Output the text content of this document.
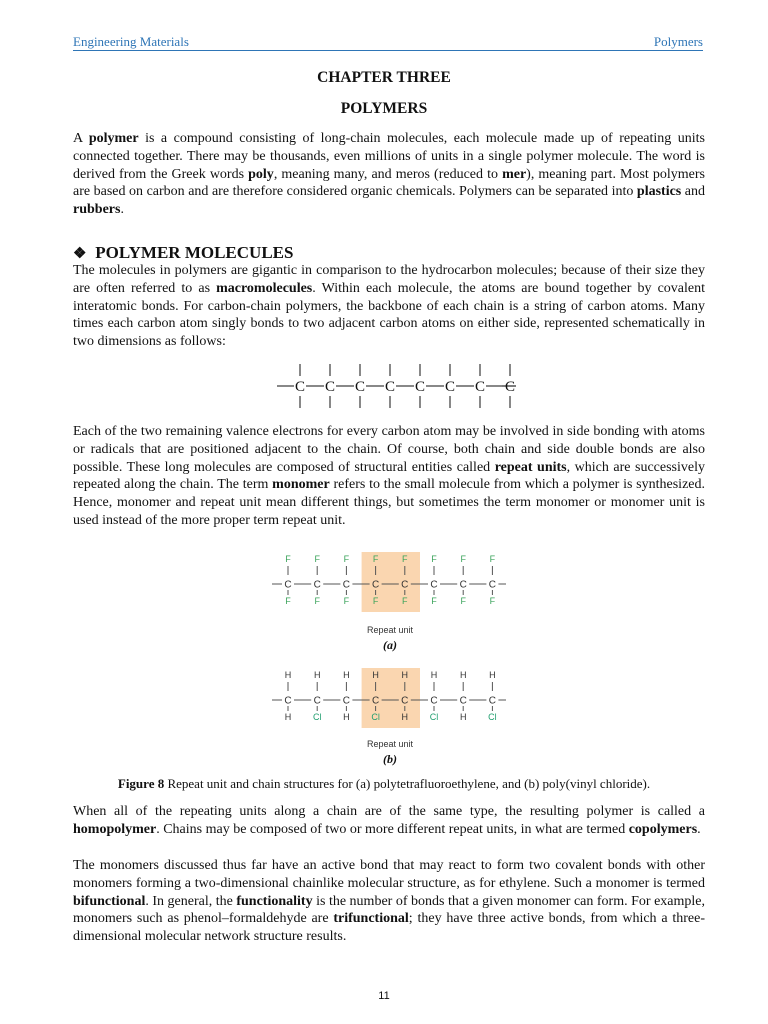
Engineering Materials	Polymers
CHAPTER THREE
POLYMERS

A polymer is a compound consisting of long-chain molecules, each molecule made up of repeating units connected together. There may be thousands, even millions of units in a single polymer molecule. The word is derived from the Greek words poly, meaning many, and meros (reduced to mer), meaning part. Most polymers are based on carbon and are therefore considered organic chemicals. Polymers can be separated into plastics and rubbers.

❖ POLYMER MOLECULES

The molecules in polymers are gigantic in comparison to the hydrocarbon molecules; because of their size they are often referred to as macromolecules. Within each molecule, the atoms are bound together by covalent interatomic bonds. For carbon-chain polymers, the backbone of each chain is a string of carbon atoms. Many times each carbon atom singly bonds to two adjacent carbon atoms on either side, represented schematically in two dimensions as follows:

C C C C C C C C

Each of the two remaining valence electrons for every carbon atom may be involved in side bonding with atoms or radicals that are positioned adjacent to the chain. Of course, both chain and side double bonds are also possible. These long molecules are composed of structural entities called repeat units, which are successively repeated along the chain. The term monomer refers to the small molecule from which a polymer is synthesized. Hence, monomer and repeat unit mean different things, but sometimes the term monomer or monomer unit is used instead of the more proper term repeat unit.

F
C
F
F
C
F
F
C
F
F
C
F
F
C
F
F
C
F
F
C
F
F
C
F
Repeat unit
(a)
H
C
H
H
C
Cl
H
C
H
H
C
Cl
H
C
H
H
C
Cl
H
C
H
H
C
Cl
Repeat unit
(b)
Figure 8 Repeat unit and chain structures for (a) polytetrafluoroethylene, and (b) poly(vinyl chloride).

When all of the repeating units along a chain are of the same type, the resulting polymer is called a homopolymer. Chains may be composed of two or more different repeat units, in what are termed copolymers.

The monomers discussed thus far have an active bond that may react to form two covalent bonds with other monomers forming a two-dimensional chainlike molecular structure, as for ethylene. Such a monomer is termed bifunctional. In general, the functionality is the number of bonds that a given monomer can form. For example, monomers such as phenol–formaldehyde are trifunctional; they have three active bonds, from which a three-dimensional molecular network structure results.

11
